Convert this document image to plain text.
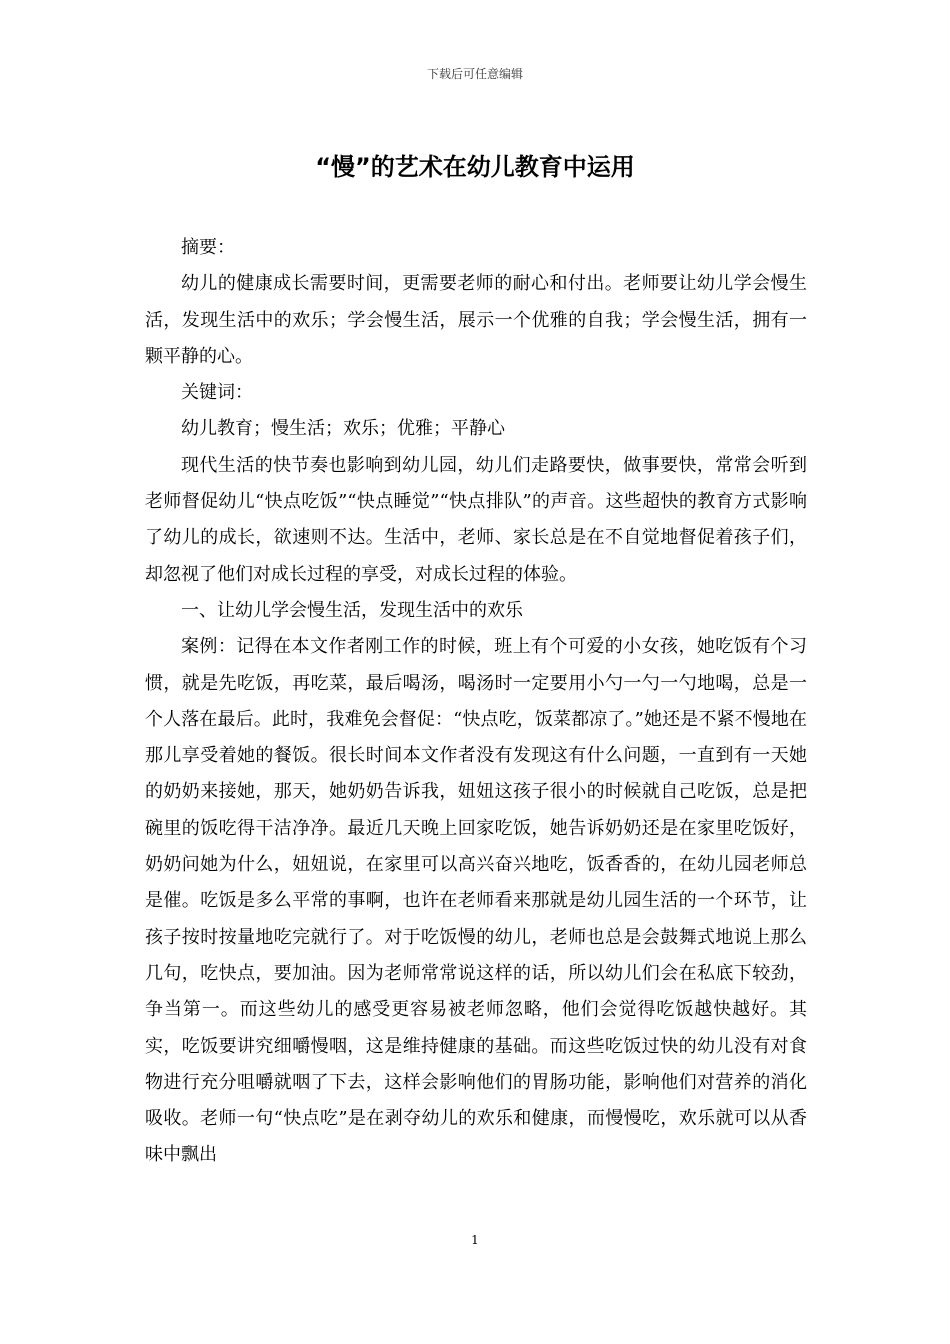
下载后可任意编辑
“慢”的艺术在幼儿教育中运用

摘要：

幼儿的健康成长需要时间，更需要老师的耐心和付出。老师要让幼儿学会慢生活，发现生活中的欢乐；学会慢生活，展示一个优雅的自我；学会慢生活，拥有一颗平静的心。

关键词：

幼儿教育；慢生活；欢乐；优雅；平静心

现代生活的快节奏也影响到幼儿园，幼儿们走路要快，做事要快，常常会听到老师督促幼儿“快点吃饭”“快点睡觉”“快点排队”的声音。这些超快的教育方式影响了幼儿的成长，欲速则不达。生活中，老师、家长总是在不自觉地督促着孩子们，却忽视了他们对成长过程的享受，对成长过程的体验。

一、让幼儿学会慢生活，发现生活中的欢乐

案例：记得在本文作者刚工作的时候，班上有个可爱的小女孩，她吃饭有个习惯，就是先吃饭，再吃菜，最后喝汤，喝汤时一定要用小勺一勺一勺地喝，总是一个人落在最后。此时，我难免会督促：“快点吃，饭菜都凉了。”她还是不紧不慢地在那儿享受着她的餐饭。很长时间本文作者没有发现这有什么问题，一直到有一天她的奶奶来接她，那天，她奶奶告诉我，妞妞这孩子很小的时候就自己吃饭，总是把碗里的饭吃得干洁净净。最近几天晚上回家吃饭，她告诉奶奶还是在家里吃饭好，奶奶问她为什么，妞妞说，在家里可以高兴奋兴地吃，饭香香的，在幼儿园老师总是催。吃饭是多么平常的事啊，也许在老师看来那就是幼儿园生活的一个环节，让孩子按时按量地吃完就行了。对于吃饭慢的幼儿，老师也总是会鼓舞式地说上那么几句，吃快点，要加油。因为老师常常说这样的话，所以幼儿们会在私底下较劲，争当第一。而这些幼儿的感受更容易被老师忽略，他们会觉得吃饭越快越好。其实，吃饭要讲究细嚼慢咽，这是维持健康的基础。而这些吃饭过快的幼儿没有对食物进行充分咀嚼就咽了下去，这样会影响他们的胃肠功能，影响他们对营养的消化吸收。老师一句“快点吃”是在剥夺幼儿的欢乐和健康，而慢慢吃，欢乐就可以从香味中飘出

1
